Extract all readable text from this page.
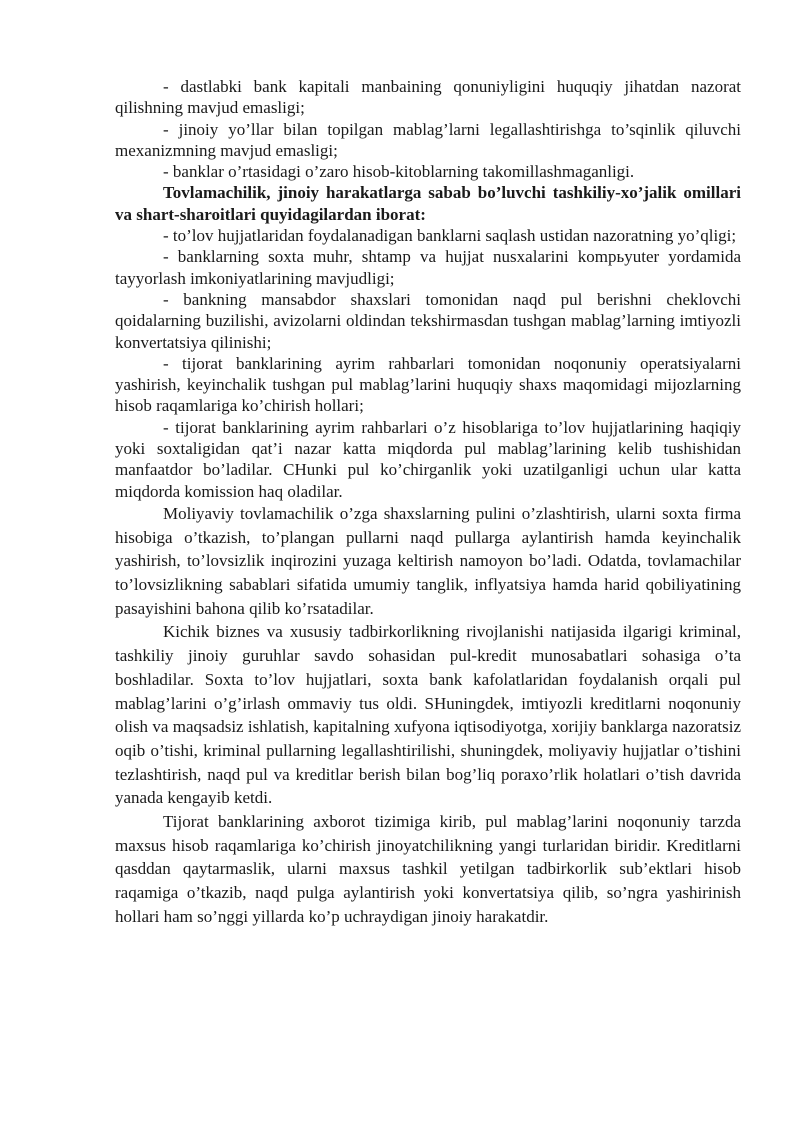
- dastlabki bank kapitali manbaining qonuniyligini huquqiy jihatdan nazorat qilishning mavjud emasligi;

- jinoiy yo’llar bilan topilgan mablag’larni legallashtirishga to’sqinlik qiluvchi mexanizmning mavjud emasligi;

- banklar o’rtasidagi o’zaro hisob-kitoblarning takomillashmaganligi.

Tovlamachilik, jinoiy harakatlarga sabab bo’luvchi tashkiliy-xo’jalik omillari va shart-sharoitlari quyidagilardan iborat:

- to’lov hujjatlaridan foydalanadigan banklarni saqlash ustidan nazoratning yo’qligi;

- banklarning soxta muhr, shtamp va hujjat nusxalarini kompьyuter yordamida tayyorlash imkoniyatlarining mavjudligi;

- bankning mansabdor shaxslari tomonidan naqd pul berishni cheklovchi qoidalarning buzilishi, avizolarni oldindan tekshirmasdan tushgan mablag’larning imtiyozli konvertatsiya qilinishi;

- tijorat banklarining ayrim rahbarlari tomonidan noqonuniy operatsiyalarni yashirish, keyinchalik tushgan pul mablag’larini huquqiy shaxs maqomidagi mijozlarning hisob raqamlariga ko’chirish hollari;

- tijorat banklarining ayrim rahbarlari o’z hisoblariga to’lov hujjatlarining haqiqiy yoki soxtaligidan qat’i nazar katta miqdorda pul mablag’larining kelib tushishidan manfaatdor bo’ladilar. CHunki pul ko’chirganlik yoki uzatilganligi uchun ular katta miqdorda komission haq oladilar.

Moliyaviy tovlamachilik o’zga shaxslarning pulini o’zlashtirish, ularni soxta firma hisobiga o’tkazish, to’plangan pullarni naqd pullarga aylantirish hamda keyinchalik yashirish, to’lovsizlik inqirozini yuzaga keltirish namoyon bo’ladi. Odatda, tovlamachilar to’lovsizlikning sabablari sifatida umumiy tanglik, inflyatsiya hamda harid qobiliyatining pasayishini bahona qilib ko’rsatadilar.

Kichik biznes va xususiy tadbirkorlikning rivojlanishi natijasida ilgarigi kriminal, tashkiliy jinoiy guruhlar savdo sohasidan pul-kredit munosabatlari sohasiga o’ta boshladilar. Soxta to’lov hujjatlari, soxta bank kafolatlaridan foydalanish orqali pul mablag’larini o’g’irlash ommaviy tus oldi. SHuningdek, imtiyozli kreditlarni noqonuniy olish va maqsadsiz ishlatish, kapitalning xufyona iqtisodiyotga, xorijiy banklarga nazoratsiz oqib o’tishi, kriminal pullarning legallashtirilishi, shuningdek, moliyaviy hujjatlar o’tishini tezlashtirish, naqd pul va kreditlar berish bilan bog’liq poraxo’rlik holatlari o’tish davrida yanada kengayib ketdi.

Tijorat banklarining axborot tizimiga kirib, pul mablag’larini noqonuniy tarzda maxsus hisob raqamlariga ko’chirish jinoyatchilikning yangi turlaridan biridir. Kreditlarni qasddan qaytarmaslik, ularni maxsus tashkil yetilgan tadbirkorlik sub’ektlari hisob raqamiga o’tkazib, naqd pulga aylantirish yoki konvertatsiya qilib, so’ngra yashirinish hollari ham so’nggi yillarda ko’p uchraydigan jinoiy harakatdir.
